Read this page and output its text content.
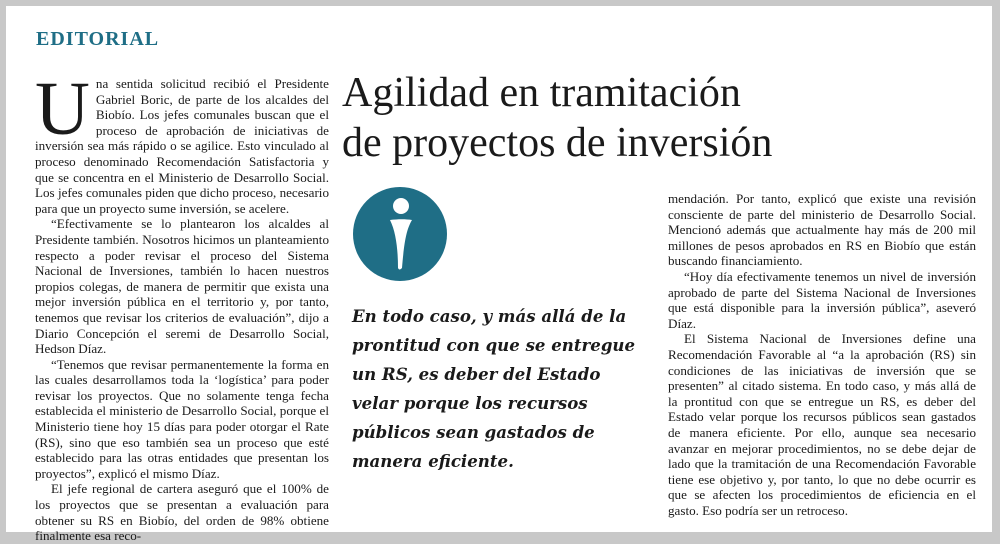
EDITORIAL
Agilidad en tramitación
de proyectos de inversión

Una sentida solicitud recibió el Presidente Gabriel Boric, de parte de los alcaldes del Biobío. Los jefes comunales buscan que el proceso de aprobación de iniciativas de inversión sea más rápido o se agilice. Esto vinculado al proceso denominado Recomendación Satisfactoria y que se concentra en el Ministerio de Desarrollo Social. Los jefes comunales piden que dicho proceso, necesario para que un proyecto sume inversión, se acelere.

“Efectivamente se lo plantearon los alcaldes al Presidente también. Nosotros hicimos un planteamiento respecto a poder revisar el proceso del Sistema Nacional de Inversiones, también lo hacen nuestros propios colegas, de manera de permitir que exista una mejor inversión pública en el territorio y, por tanto, tenemos que revisar los criterios de evaluación”, dijo a Diario Concepción el seremi de Desarrollo Social, Hedson Díaz.

“Tenemos que revisar permanentemente la forma en las cuales desarrollamos toda la ‘logística’ para poder revisar los proyectos. Que no solamente tenga fecha establecida el ministerio de Desarrollo Social, porque el Ministerio tiene hoy 15 días para poder otorgar el Rate (RS), sino que eso también sea un proceso que esté establecido para las otras entidades que presentan los proyectos”, explicó el mismo Díaz.

El jefe regional de cartera aseguró que el 100% de los proyectos que se presentan a evaluación para obtener su RS en Biobío, del orden de 98% obtiene finalmente esa reco-

En todo caso, y más allá de la prontitud con que se entregue un RS, es deber del Estado velar porque los recursos públicos sean gastados de manera eficiente.

mendación. Por tanto, explicó que existe una revisión consciente de parte del ministerio de Desarrollo Social. Mencionó además que actualmente hay más de 200 mil millones de pesos aprobados en RS en Biobío que están buscando financiamiento.

“Hoy día efectivamente tenemos un nivel de inversión aprobado de parte del Sistema Nacional de Inversiones que está disponible para la inversión pública”, aseveró Díaz.

El Sistema Nacional de Inversiones define una Recomendación Favorable al “a la aprobación (RS) sin condiciones de las iniciativas de inversión que se presenten” al citado sistema. En todo caso, y más allá de la prontitud con que se entregue un RS, es deber del Estado velar porque los recursos públicos sean gastados de manera eficiente. Por ello, aunque sea necesario avanzar en mejorar procedimientos, no se debe dejar de lado que la tramitación de una Recomendación Favorable tiene ese objetivo y, por tanto, lo que no debe ocurrir es que se afecten los procedimientos de eficiencia en el gasto. Eso podría ser un retroceso.
